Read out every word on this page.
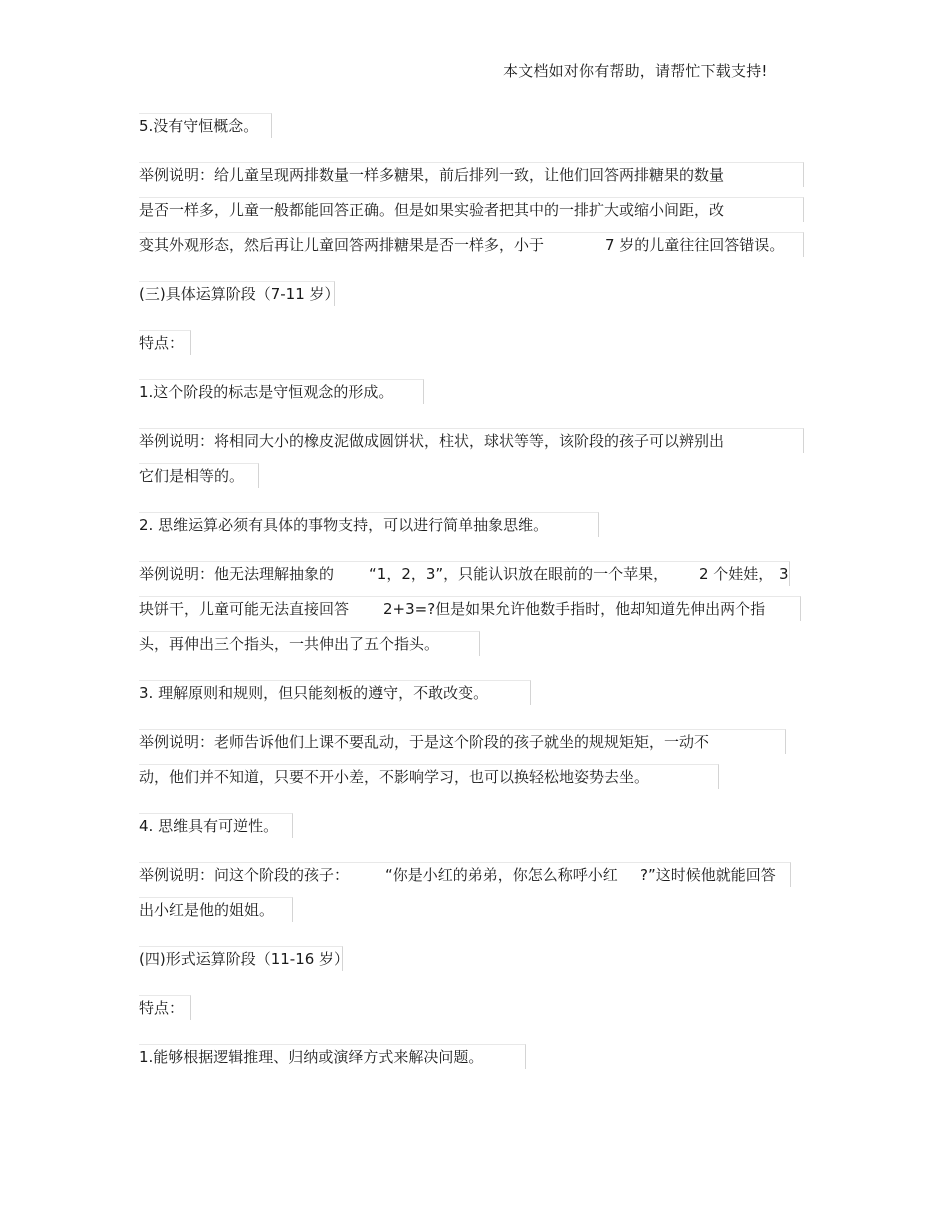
本文档如对你有帮助，请帮忙下载支持!
5.没有守恒概念。
举例说明：给儿童呈现两排数量一样多糖果，前后排列一致，让他们回答两排糖果的数量
是否一样多，儿童一般都能回答正确。但是如果实验者把其中的一排扩大或缩小间距，改
变其外观形态，然后再让儿童回答两排糖果是否一样多，小于	7 岁的儿童往往回答错误。
(三)具体运算阶段（7-11 岁）
特点：
1.这个阶段的标志是守恒观念的形成。
举例说明：将相同大小的橡皮泥做成圆饼状，柱状，球状等等，该阶段的孩子可以辨别出
它们是相等的。
2. 思维运算必须有具体的事物支持，可以进行简单抽象思维。
举例说明：他无法理解抽象的 “1，2，3”，只能认识放在眼前的一个苹果， 2 个娃娃， 3
块饼干，儿童可能无法直接回答 2+3=?但是如果允许他数手指时，他却知道先伸出两个指
头，再伸出三个指头，一共伸出了五个指头。
3. 理解原则和规则，但只能刻板的遵守，不敢改变。
举例说明：老师告诉他们上课不要乱动，于是这个阶段的孩子就坐的规规矩矩，一动不
动，他们并不知道，只要不开小差，不影响学习，也可以换轻松地姿势去坐。
4. 思维具有可逆性。
举例说明：问这个阶段的孩子： “你是小红的弟弟，你怎么称呼小红 ?”这时候他就能回答
出小红是他的姐姐。
(四)形式运算阶段（11-16 岁）
特点：
1.能够根据逻辑推理、归纳或演绎方式来解决问题。
